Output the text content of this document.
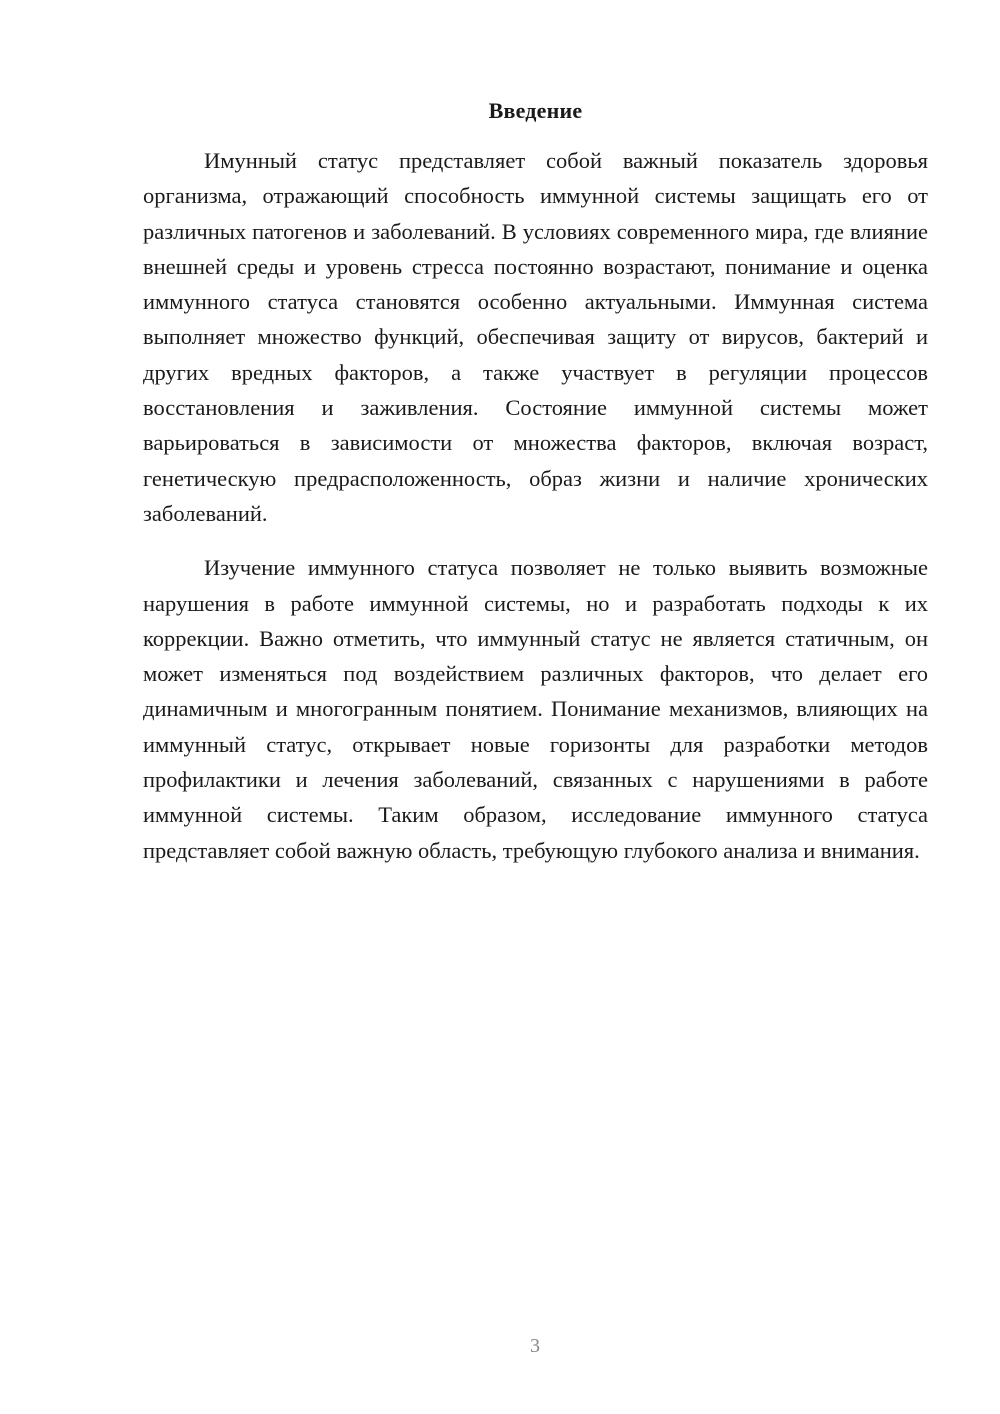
Введение

Имунный статус представляет собой важный показатель здоровья организма, отражающий способность иммунной системы защищать его от различных патогенов и заболеваний. В условиях современного мира, где влияние внешней среды и уровень стресса постоянно возрастают, понимание и оценка иммунного статуса становятся особенно актуальными. Иммунная система выполняет множество функций, обеспечивая защиту от вирусов, бактерий и других вредных факторов, а также участвует в регуляции процессов восстановления и заживления. Состояние иммунной системы может варьироваться в зависимости от множества факторов, включая возраст, генетическую предрасположенность, образ жизни и наличие хронических заболеваний.

Изучение иммунного статуса позволяет не только выявить возможные нарушения в работе иммунной системы, но и разработать подходы к их коррекции. Важно отметить, что иммунный статус не является статичным, он может изменяться под воздействием различных факторов, что делает его динамичным и многогранным понятием. Понимание механизмов, влияющих на иммунный статус, открывает новые горизонты для разработки методов профилактики и лечения заболеваний, связанных с нарушениями в работе иммунной системы. Таким образом, исследование иммунного статуса представляет собой важную область, требующую глубокого анализа и внимания.

3
